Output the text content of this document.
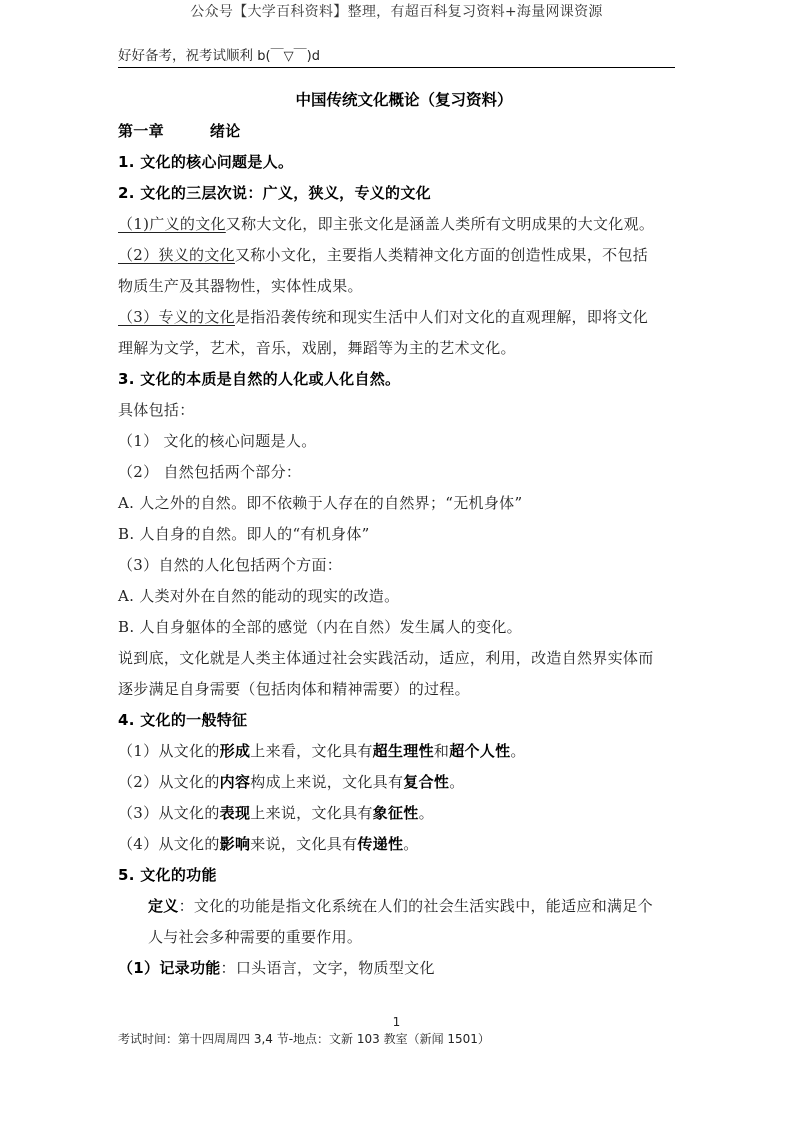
公众号【大学百科资料】整理，有超百科复习资料+海量网课资源
好好备考，祝考试顺利 b(￣▽￣)d
中国传统文化概论（复习资料）
第一章	绪论
1. 文化的核心问题是人。
2. 文化的三层次说：广义，狭义，专义的文化
（1)广义的文化又称大文化，即主张文化是涵盖人类所有文明成果的大文化观。
（2）狭义的文化又称小文化，主要指人类精神文化方面的创造性成果，不包括
物质生产及其器物性，实体性成果。
（3）专义的文化是指沿袭传统和现实生活中人们对文化的直观理解，即将文化
理解为文学，艺术，音乐，戏剧，舞蹈等为主的艺术文化。
3. 文化的本质是自然的人化或人化自然。
具体包括：
（1） 文化的核心问题是人。
（2） 自然包括两个部分：
A. 人之外的自然。即不依赖于人存在的自然界；“无机身体”
B. 人自身的自然。即人的“有机身体”
（3）自然的人化包括两个方面：
A. 人类对外在自然的能动的现实的改造。
B. 人自身躯体的全部的感觉（内在自然）发生属人的变化。
说到底，文化就是人类主体通过社会实践活动，适应，利用，改造自然界实体而
逐步满足自身需要（包括肉体和精神需要）的过程。
4. 文化的一般特征
（1）从文化的形成上来看，文化具有超生理性和超个人性。
（2）从文化的内容构成上来说，文化具有复合性。
（3）从文化的表现上来说，文化具有象征性。
（4）从文化的影响来说，文化具有传递性。
5. 文化的功能
定义：文化的功能是指文化系统在人们的社会生活实践中，能适应和满足个
人与社会多种需要的重要作用。
（1）记录功能：口头语言，文字，物质型文化
1
考试时间：第十四周周四 3,4 节-地点：文新 103 教室（新闻 1501）
